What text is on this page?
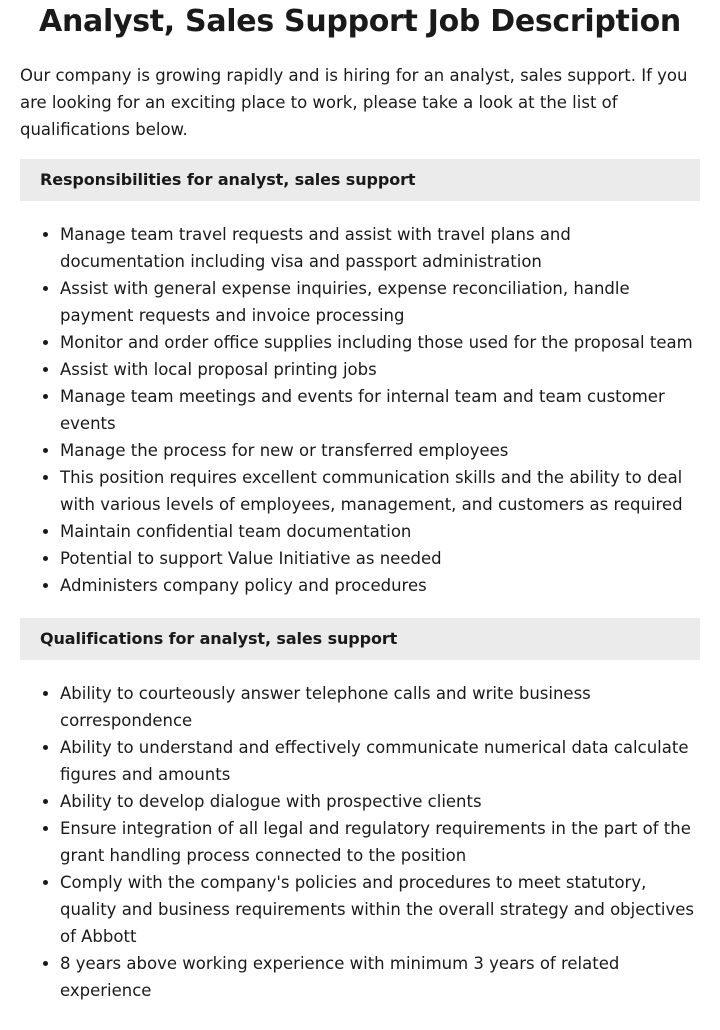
Analyst, Sales Support Job Description

Our company is growing rapidly and is hiring for an analyst, sales support. If you are looking for an exciting place to work, please take a look at the list of qualifications below.

Responsibilities for analyst, sales support
• Manage team travel requests and assist with travel plans and documentation including visa and passport administration
• Assist with general expense inquiries, expense reconciliation, handle payment requests and invoice processing
• Monitor and order office supplies including those used for the proposal team
• Assist with local proposal printing jobs
• Manage team meetings and events for internal team and team customer events
• Manage the process for new or transferred employees
• This position requires excellent communication skills and the ability to deal with various levels of employees, management, and customers as required
• Maintain confidential team documentation
• Potential to support Value Initiative as needed
• Administers company policy and procedures
Qualifications for analyst, sales support
• Ability to courteously answer telephone calls and write business correspondence
• Ability to understand and effectively communicate numerical data calculate figures and amounts
• Ability to develop dialogue with prospective clients
• Ensure integration of all legal and regulatory requirements in the part of the grant handling process connected to the position
• Comply with the company's policies and procedures to meet statutory, quality and business requirements within the overall strategy and objectives of Abbott
• 8 years above working experience with minimum 3 years of related experience
